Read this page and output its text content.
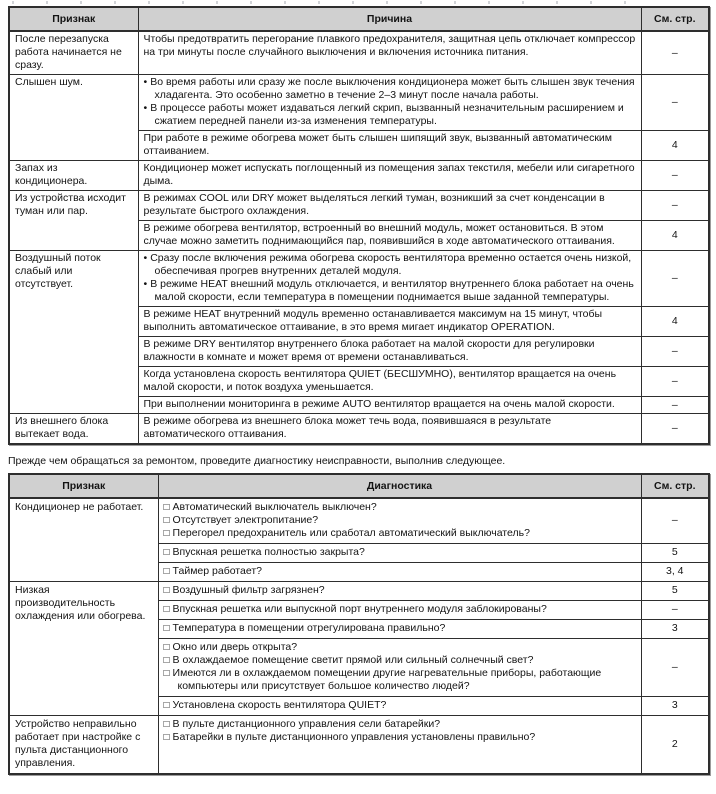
Признак	Причина	См. стр.
После перезапуска работа начинается не сразу.	Чтобы предотвратить перегорание плавкого предохранителя, защитная цепь отключает компрессор на три минуты после случайного выключения и включения источника питания.	–
Слышен шум.	• Во время работы или сразу же после выключения кондиционера может быть слышен звук течения хладагента. Это особенно заметно в течение 2–3 минут после начала работы.
• В процессе работы может издаваться легкий скрип, вызванный незначительным расширением и сжатием передней панели из-за изменения температуры.	–

	При работе в режиме обогрева может быть слышен шипящий звук, вызванный автоматическим оттаиванием.	4
Запах из кондиционера.	Кондиционер может испускать поглощенный из помещения запах текстиля, мебели или сигаретного дыма.	–
Из устройства исходит туман или пар.	В режимах COOL или DRY может выделяться легкий туман, возникший за счет конденсации в результате быстрого охлаждения.	–

	В режиме обогрева вентилятор, встроенный во внешний модуль, может остановиться. В этом случае можно заметить поднимающийся пар, появившийся в ходе автоматического оттаивания.	4
Воздушный поток слабый или отсутствует.	• Сразу после включения режима обогрева скорость вентилятора временно остается очень низкой, обеспечивая прогрев внутренних деталей модуля.
• В режиме HEAT внешний модуль отключается, и вентилятор внутреннего блока работает на очень малой скорости, если температура в помещении поднимается выше заданной температуры.	–

	В режиме HEAT внутренний модуль временно останавливается максимум на 15 минут, чтобы выполнить автоматическое оттаивание, в это время мигает индикатор OPERATION.	4

	В режиме DRY вентилятор внутреннего блока работает на малой скорости для регулировки влажности в комнате и может время от времени останавливаться.	–

	Когда установлена скорость вентилятора QUIET (БЕСШУМНО), вентилятор вращается на очень малой скорости, и поток воздуха уменьшается.	–

	При выполнении мониторинга в режиме AUTO вентилятор вращается на очень малой скорости.	–
Из внешнего блока вытекает вода.	В режиме обогрева из внешнего блока может течь вода, появившаяся в результате автоматического оттаивания.	–

Прежде чем обращаться за ремонтом, проведите диагностику неисправности, выполнив следующее.

Признак	Диагностика	См. стр.
Кондиционер не работает.	□ Автоматический выключатель выключен?
□ Отсутствует электропитание?
□ Перегорел предохранитель или сработал автоматический выключатель?	–

	□ Впускная решетка полностью закрыта?	5

	□ Таймер работает?	3, 4
Низкая производительность охлаждения или обогрева.	□ Воздушный фильтр загрязнен?	5

	□ Впускная решетка или выпускной порт внутреннего модуля заблокированы?	–

	□ Температура в помещении отрегулирована правильно?	3

	□ Окно или дверь открыта?
□ В охлаждаемое помещение светит прямой или сильный солнечный свет?
□ Имеются ли в охлаждаемом помещении другие нагревательные приборы, работающие компьютеры или присутствует большое количество людей?	–

	□ Установлена скорость вентилятора QUIET?	3
Устройство неправильно работает при настройке с пульта дистанционного управления.	□ В пульте дистанционного управления сели батарейки?
□ Батарейки в пульте дистанционного управления установлены правильно?	2
